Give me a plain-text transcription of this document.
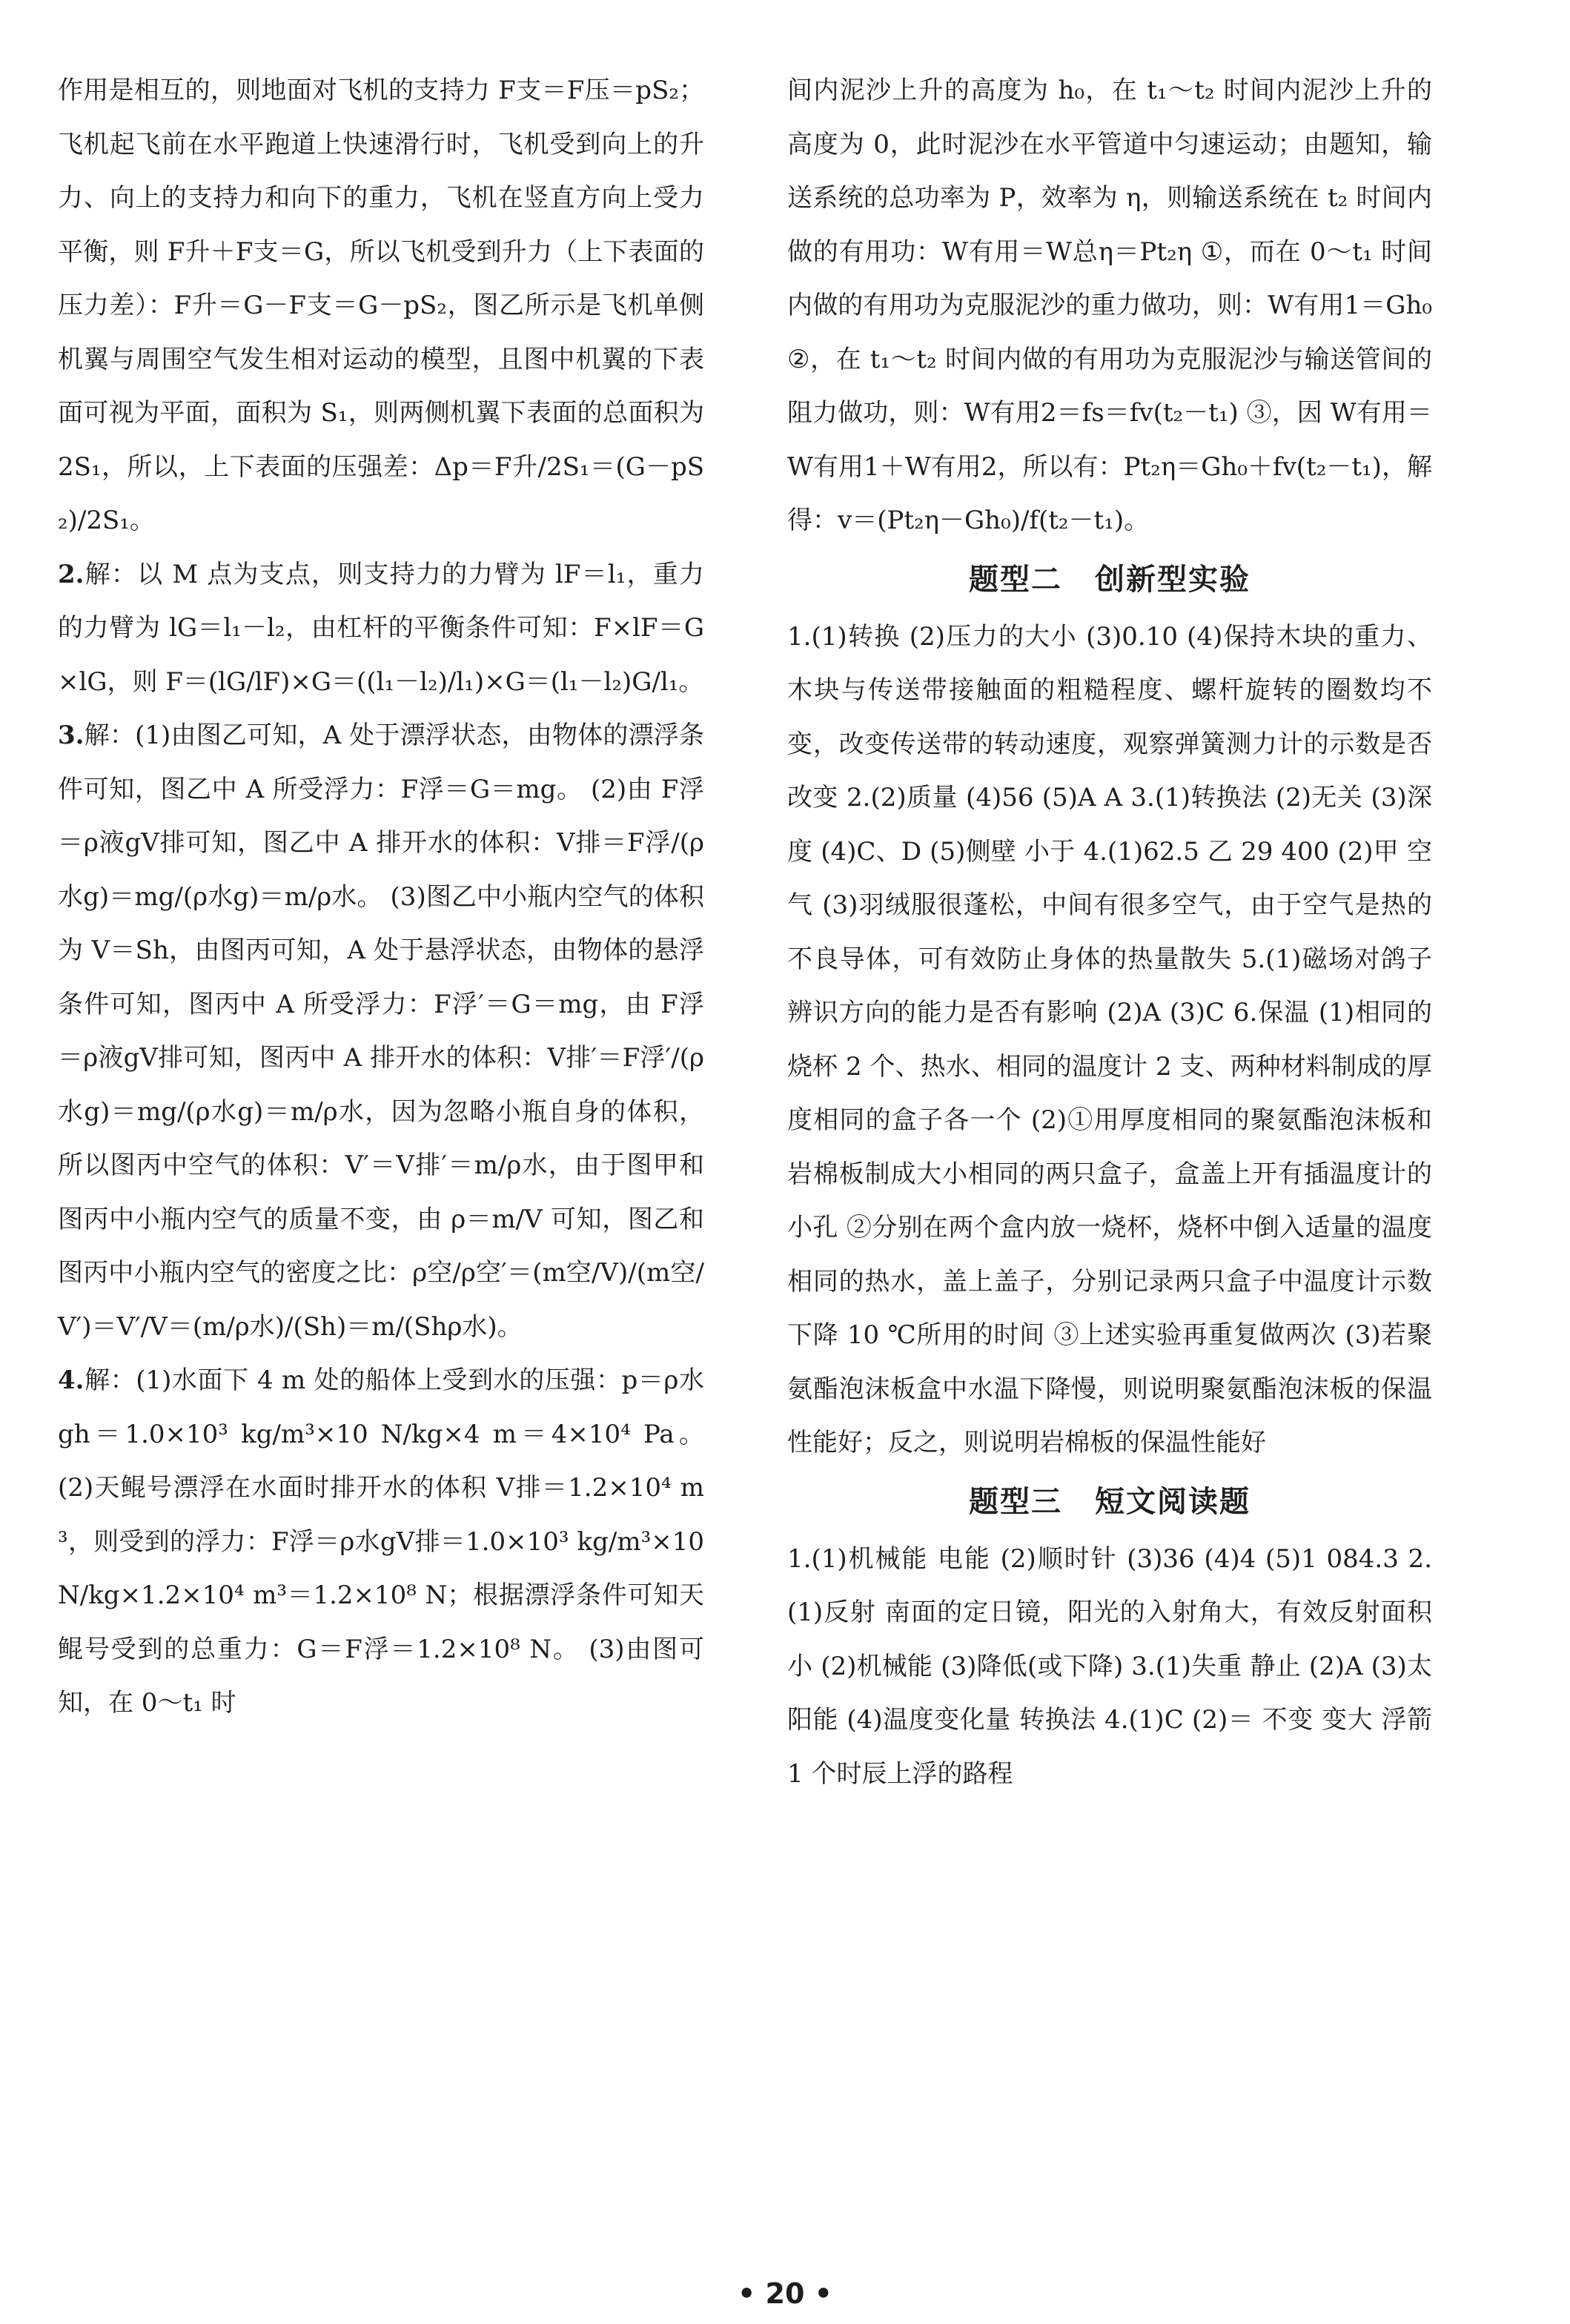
作用是相互的，则地面对飞机的支持力 F支＝F压＝pS₂；飞机起飞前在水平跑道上快速滑行时，飞机受到向上的升力、向上的支持力和向下的重力，飞机在竖直方向上受力平衡，则 F升＋F支＝G，所以飞机受到升力（上下表面的压力差）：F升＝G－F支＝G－pS₂，图乙所示是飞机单侧机翼与周围空气发生相对运动的模型，且图中机翼的下表面可视为平面，面积为 S₁，则两侧机翼下表面的总面积为 2S₁，所以，上下表面的压强差：Δp＝F升/2S₁＝(G－pS₂)/2S₁。

2.解：以 M 点为支点，则支持力的力臂为 lF＝l₁，重力的力臂为 lG＝l₁－l₂，由杠杆的平衡条件可知：F×lF＝G×lG，则 F＝(lG/lF)×G＝((l₁－l₂)/l₁)×G＝(l₁－l₂)G/l₁。

3.解：(1)由图乙可知，A 处于漂浮状态，由物体的漂浮条件可知，图乙中 A 所受浮力：F浮＝G＝mg。 (2)由 F浮＝ρ液gV排可知，图乙中 A 排开水的体积：V排＝F浮/(ρ水g)＝mg/(ρ水g)＝m/ρ水。 (3)图乙中小瓶内空气的体积为 V＝Sh，由图丙可知，A 处于悬浮状态，由物体的悬浮条件可知，图丙中 A 所受浮力：F浮′＝G＝mg，由 F浮＝ρ液gV排可知，图丙中 A 排开水的体积：V排′＝F浮′/(ρ水g)＝mg/(ρ水g)＝m/ρ水，因为忽略小瓶自身的体积，所以图丙中空气的体积：V′＝V排′＝m/ρ水，由于图甲和图丙中小瓶内空气的质量不变，由 ρ＝m/V 可知，图乙和图丙中小瓶内空气的密度之比：ρ空/ρ空′＝(m空/V)/(m空/V′)＝V′/V＝(m/ρ水)/(Sh)＝m/(Shρ水)。

4.解：(1)水面下 4 m 处的船体上受到水的压强：p＝ρ水gh＝1.0×10³ kg/m³×10 N/kg×4 m＝4×10⁴ Pa。 (2)天鲲号漂浮在水面时排开水的体积 V排＝1.2×10⁴ m³，则受到的浮力：F浮＝ρ水gV排＝1.0×10³ kg/m³×10 N/kg×1.2×10⁴ m³＝1.2×10⁸ N；根据漂浮条件可知天鲲号受到的总重力：G＝F浮＝1.2×10⁸ N。 (3)由图可知，在 0～t₁ 时

间内泥沙上升的高度为 h₀，在 t₁～t₂ 时间内泥沙上升的高度为 0，此时泥沙在水平管道中匀速运动；由题知，输送系统的总功率为 P，效率为 η，则输送系统在 t₂ 时间内做的有用功：W有用＝W总η＝Pt₂η ①，而在 0～t₁ 时间内做的有用功为克服泥沙的重力做功，则：W有用1＝Gh₀ ②，在 t₁～t₂ 时间内做的有用功为克服泥沙与输送管间的阻力做功，则：W有用2＝fs＝fv(t₂－t₁) ③，因 W有用＝W有用1＋W有用2，所以有：Pt₂η＝Gh₀＋fv(t₂－t₁)，解得：v＝(Pt₂η－Gh₀)/f(t₂－t₁)。

题型二 创新型实验

1.(1)转换 (2)压力的大小 (3)0.10 (4)保持木块的重力、木块与传送带接触面的粗糙程度、螺杆旋转的圈数均不变，改变传送带的转动速度，观察弹簧测力计的示数是否改变 2.(2)质量 (4)56 (5)A A 3.(1)转换法 (2)无关 (3)深度 (4)C、D (5)侧壁 小于 4.(1)62.5 乙 29 400 (2)甲 空气 (3)羽绒服很蓬松，中间有很多空气，由于空气是热的不良导体，可有效防止身体的热量散失 5.(1)磁场对鸽子辨识方向的能力是否有影响 (2)A (3)C 6.保温 (1)相同的烧杯 2 个、热水、相同的温度计 2 支、两种材料制成的厚度相同的盒子各一个 (2)①用厚度相同的聚氨酯泡沫板和岩棉板制成大小相同的两只盒子，盒盖上开有插温度计的小孔 ②分别在两个盒内放一烧杯，烧杯中倒入适量的温度相同的热水，盖上盖子，分别记录两只盒子中温度计示数下降 10 ℃所用的时间 ③上述实验再重复做两次 (3)若聚氨酯泡沫板盒中水温下降慢，则说明聚氨酯泡沫板的保温性能好；反之，则说明岩棉板的保温性能好

题型三 短文阅读题

1.(1)机械能 电能 (2)顺时针 (3)36 (4)4 (5)1 084.3 2.(1)反射 南面的定日镜，阳光的入射角大，有效反射面积小 (2)机械能 (3)降低(或下降) 3.(1)失重 静止 (2)A (3)太阳能 (4)温度变化量 转换法 4.(1)C (2)＝ 不变 变大 浮箭 1 个时辰上浮的路程

• 20 •
